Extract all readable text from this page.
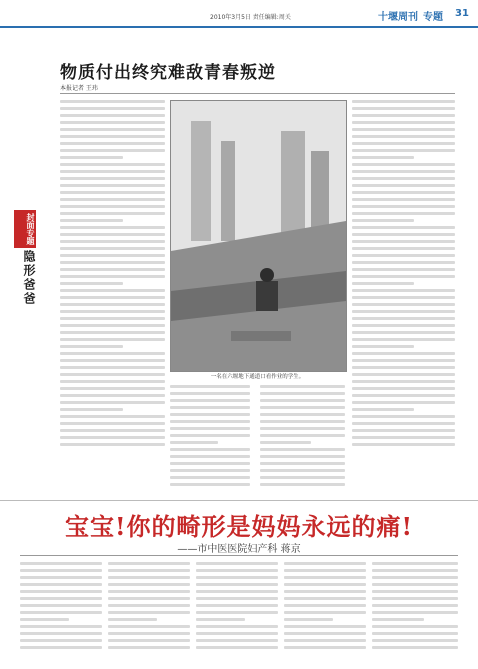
2010年3月5日 责任编辑:周关	十堰周刊 专题 31
物质付出终究难敌青春叛逆
本报记者 王玮
封面专题
隐形爸爸
一名在六堰地下通道口看作业的学生。
宝宝!你的畸形是妈妈永远的痛!
——市中医医院妇产科 蒋京
